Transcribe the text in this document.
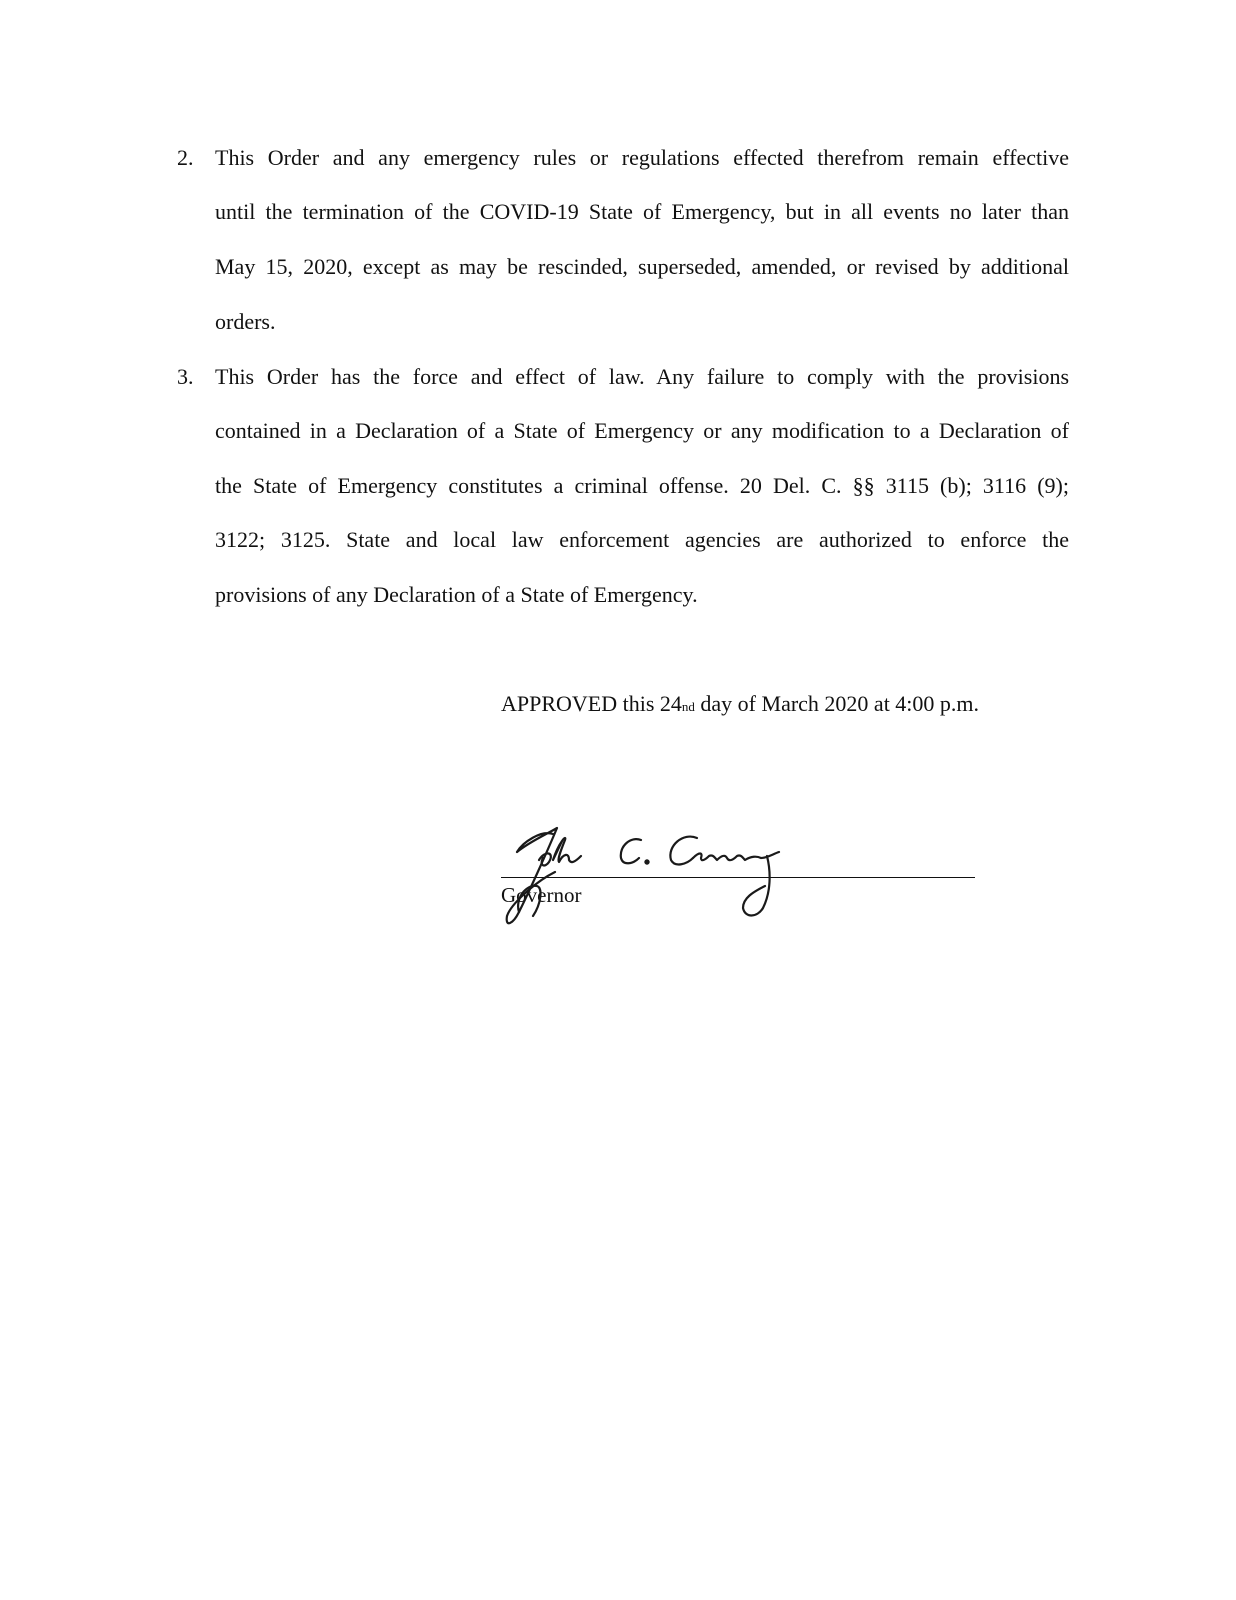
2. This Order and any emergency rules or regulations effected therefrom remain effective
until the termination of the COVID-19 State of Emergency, but in all events no later than
May 15, 2020, except as may be rescinded, superseded, amended, or revised by additional
orders.
3. This Order has the force and effect of law. Any failure to comply with the provisions
contained in a Declaration of a State of Emergency or any modification to a Declaration of
the State of Emergency constitutes a criminal offense. 20 Del. C. §§ 3115 (b); 3116 (9);
3122; 3125. State and local law enforcement agencies are authorized to enforce the
provisions of any Declaration of a State of Emergency.
APPROVED this 24nd day of March 2020 at 4:00 p.m.
Governor
